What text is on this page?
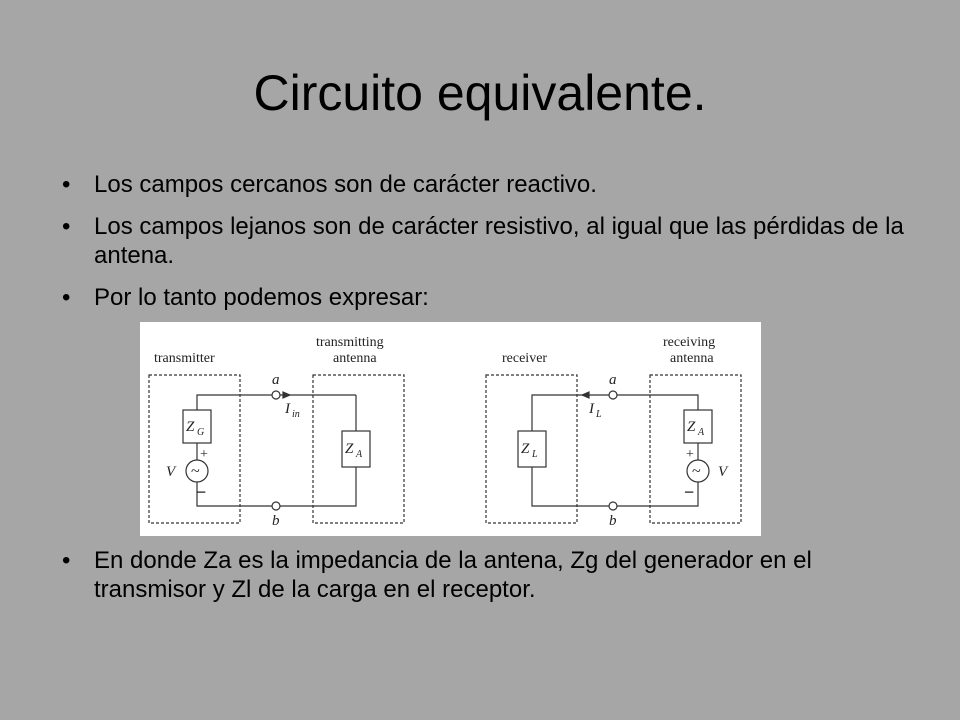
Circuito equivalente.
• Los campos cercanos son de carácter reactivo.
• Los campos lejanos son de carácter resistivo, al igual que las pérdidas de la antena.
• Por lo tanto podemos expresar:
• En donde Za es la impedancia de la antena, Zg del generador en el transmisor y Zl de la carga en el receptor.
transmitter
transmitting
antenna
a
b
I in
Z G
Z A
V
+
−
~
receiver
receiving
antenna
a
b
I L
Z L
Z A
V
+
−
~
